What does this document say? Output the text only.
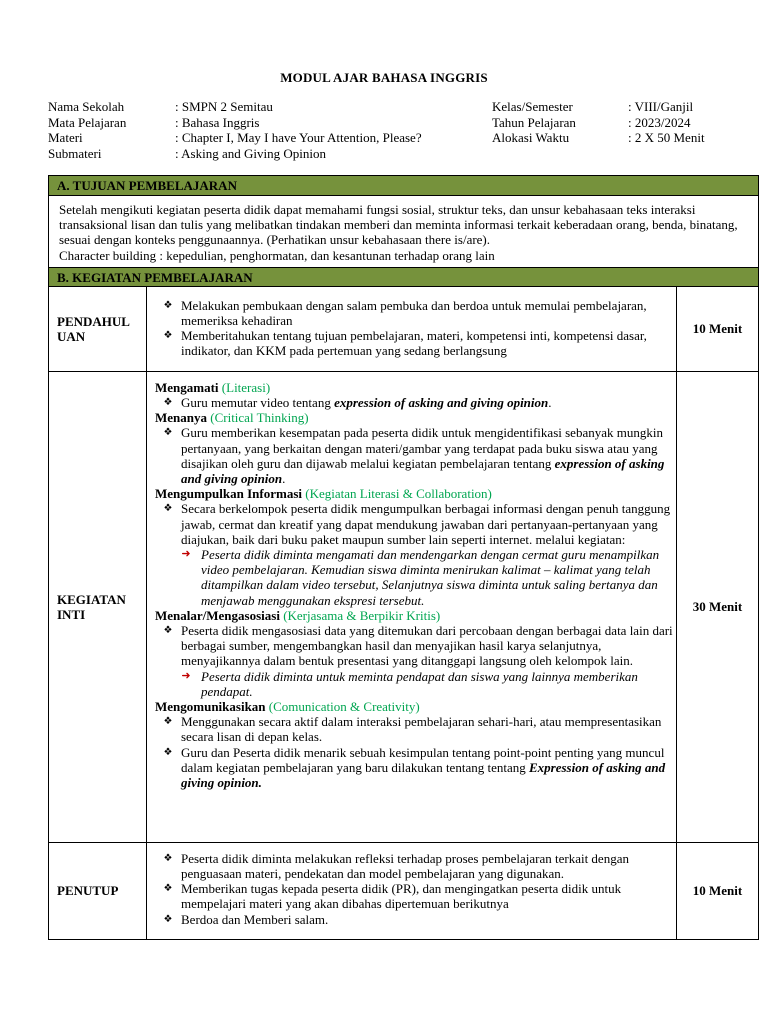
MODUL AJAR BAHASA INGGRIS
Nama Sekolah	: SMPN 2 Semitau
Mata Pelajaran	: Bahasa Inggris
Materi	: Chapter I, May I have Your Attention, Please?
Submateri	: Asking and Giving Opinion
Kelas/Semester	: VIII/Ganjil
Tahun Pelajaran	: 2023/2024
Alokasi Waktu	: 2 X 50 Menit
A. TUJUAN PEMBELAJARAN

Setelah mengikuti kegiatan peserta didik dapat memahami fungsi sosial, struktur teks, dan unsur kebahasaan teks interaksi transaksional lisan dan tulis yang melibatkan tindakan memberi dan meminta informasi terkait keberadaan orang, benda, binatang, sesuai dengan konteks penggunaannya. (Perhatikan unsur kebahasaan there is/are).

Character building : kepedulian, penghormatan, dan kesantunan terhadap orang lain

B. KEGIATAN PEMBELAJARAN
PENDAHUL UAN
❖ Melakukan pembukaan dengan salam pembuka dan berdoa untuk memulai pembelajaran, memeriksa kehadiran
❖ Memberitahukan tentang tujuan pembelajaran, materi, kompetensi inti, kompetensi dasar, indikator, dan KKM pada pertemuan yang sedang berlangsung
10 Menit
KEGIATAN INTI
Mengamati (Literasi)
❖ Guru memutar video tentang expression of asking and giving opinion.
Menanya (Critical Thinking)
❖ Guru memberikan kesempatan pada peserta didik untuk mengidentifikasi sebanyak mungkin pertanyaan, yang berkaitan dengan materi/gambar yang terdapat pada buku siswa atau yang disajikan oleh guru dan dijawab melalui kegiatan pembelajaran tentang expression of asking and giving opinion.
Mengumpulkan Informasi (Kegiatan Literasi & Collaboration)
❖ Secara berkelompok peserta didik mengumpulkan berbagai informasi dengan penuh tanggung jawab, cermat dan kreatif yang dapat mendukung jawaban dari pertanyaan-pertanyaan yang diajukan, baik dari buku paket maupun sumber lain seperti internet. melalui kegiatan:
➜ Peserta didik diminta mengamati dan mendengarkan dengan cermat guru menampilkan video pembelajaran. Kemudian siswa diminta menirukan kalimat – kalimat yang telah ditampilkan dalam video tersebut, Selanjutnya siswa diminta untuk saling bertanya dan menjawab menggunakan ekspresi tersebut.
Menalar/Mengasosiasi (Kerjasama & Berpikir Kritis)
❖ Peserta didik mengasosiasi data yang ditemukan dari percobaan dengan berbagai data lain dari berbagai sumber, mengembangkan hasil dan menyajikan hasil karya selanjutnya, menyajikannya dalam bentuk presentasi yang ditanggapi langsung oleh kelompok lain.
➜ Peserta didik diminta untuk meminta pendapat dan siswa yang lainnya memberikan pendapat.
Mengomunikasikan (Comunication & Creativity)
❖ Menggunakan secara aktif dalam interaksi pembelajaran sehari-hari, atau mempresentasikan secara lisan di depan kelas.
❖ Guru dan Peserta didik menarik sebuah kesimpulan tentang point-point penting yang muncul dalam kegiatan pembelajaran yang baru dilakukan tentang tentang Expression of asking and giving opinion.
30 Menit
PENUTUP
❖ Peserta didik diminta melakukan refleksi terhadap proses pembelajaran terkait dengan penguasaan materi, pendekatan dan model pembelajaran yang digunakan.
❖ Memberikan tugas kepada peserta didik (PR), dan mengingatkan peserta didik untuk mempelajari materi yang akan dibahas dipertemuan berikutnya
❖ Berdoa dan Memberi salam.
10 Menit
